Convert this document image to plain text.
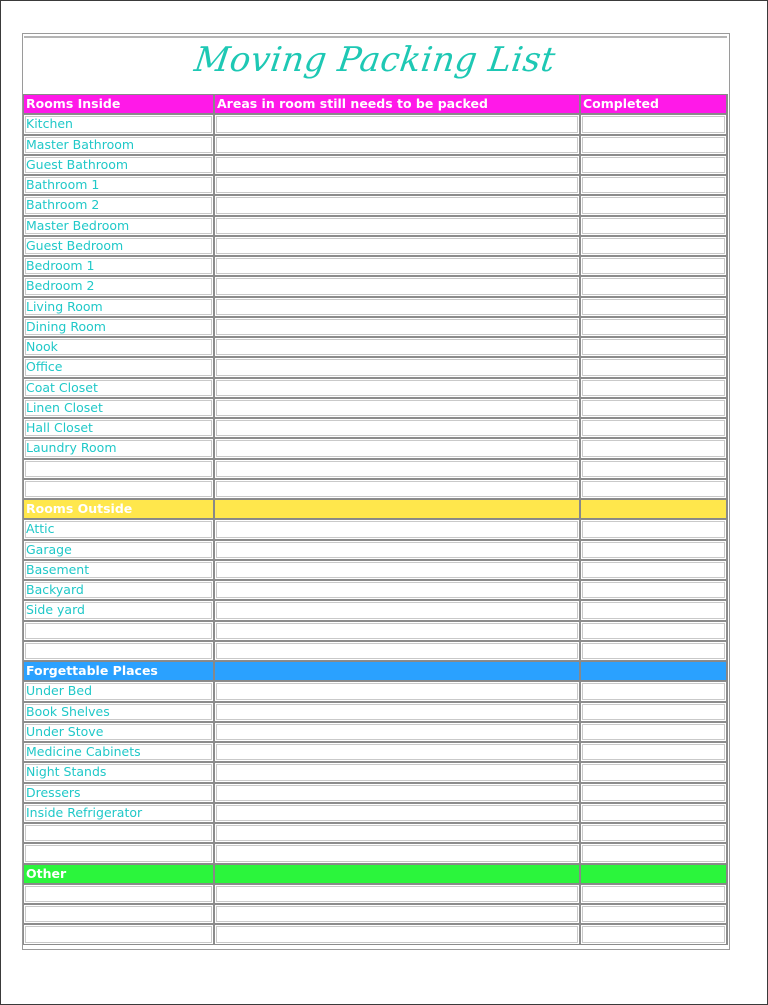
Moving Packing List
Rooms Inside	Areas in room still needs to be packed	Completed
Kitchen
Master Bathroom
Guest Bathroom
Bathroom 1
Bathroom 2
Master Bedroom
Guest Bedroom
Bedroom 1
Bedroom 2
Living Room
Dining Room
Nook
Office
Coat Closet
Linen Closet
Hall Closet
Laundry Room
Rooms Outside
Attic
Garage
Basement
Backyard
Side yard
Forgettable Places
Under Bed
Book Shelves
Under Stove
Medicine Cabinets
Night Stands
Dressers
Inside Refrigerator
Other
